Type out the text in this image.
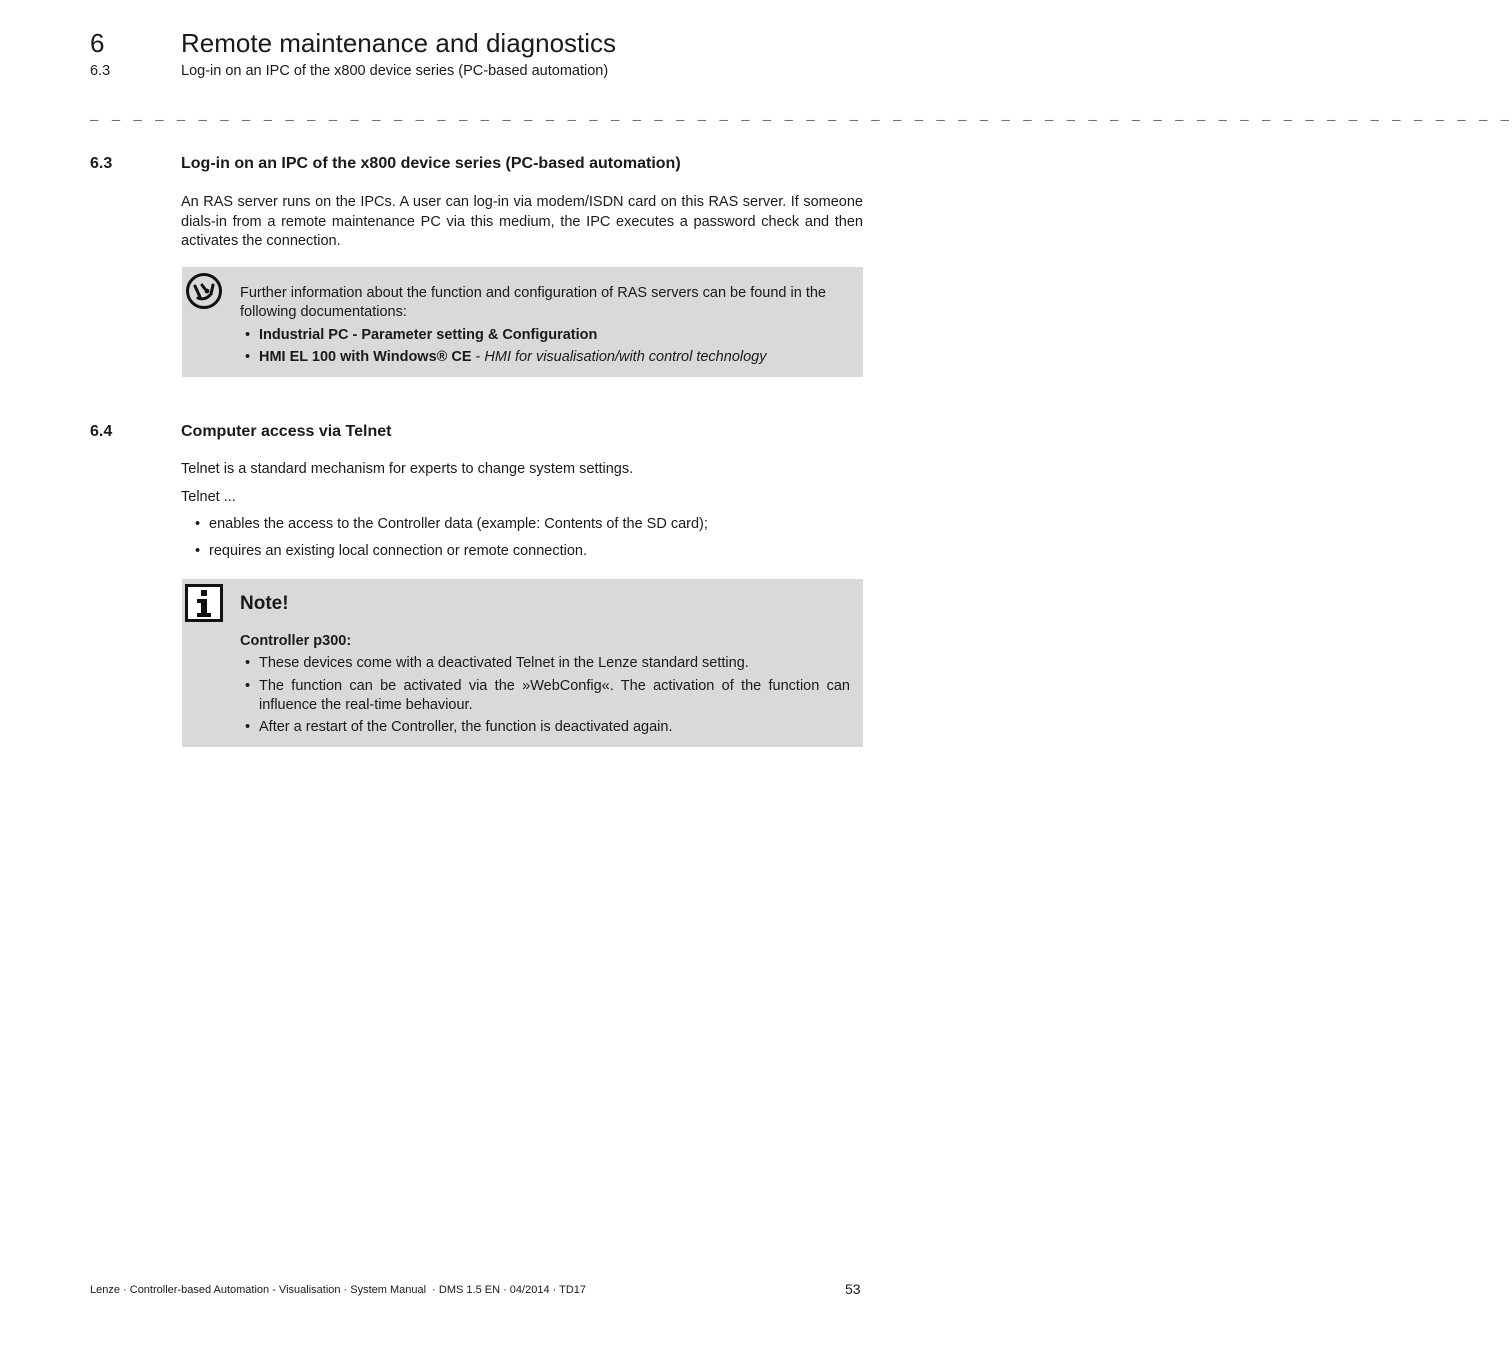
6	Remote maintenance and diagnostics
6.3	Log-in on an IPC of the x800 device series (PC-based automation)
_ _ _ _ _ _ _ _ _ _ _ _ _ _ _ _ _ _ _ _ _ _ _ _ _ _ _ _ _ _ _ _ _ _ _ _ _ _ _ _ _ _ _ _ _ _ _ _ _ _ _ _ _ _ _ _ _ _ _ _ _ _ _ _ _ _
6.3	Log-in on an IPC of the x800 device series (PC-based automation)
An RAS server runs on the IPCs. A user can log-in via modem/ISDN card on this RAS server. If someone dials-in from a remote maintenance PC via this medium, the IPC executes a password check and then activates the connection.
Further information about the function and configuration of RAS servers can be found in the following documentations:
• Industrial PC - Parameter setting & Configuration
• HMI EL 100 with Windows® CE - HMI for visualisation/with control technology
6.4	Computer access via Telnet
Telnet is a standard mechanism for experts to change system settings.
Telnet ...
• enables the access to the Controller data (example: Contents of the SD card);
• requires an existing local connection or remote connection.
Note!
Controller p300:
• These devices come with a deactivated Telnet in the Lenze standard setting.
• The function can be activated via the »WebConfig«. The activation of the function can influence the real-time behaviour.
• After a restart of the Controller, the function is deactivated again.
Lenze · Controller-based Automation - Visualisation · System Manual  · DMS 1.5 EN · 04/2014 · TD17	53
